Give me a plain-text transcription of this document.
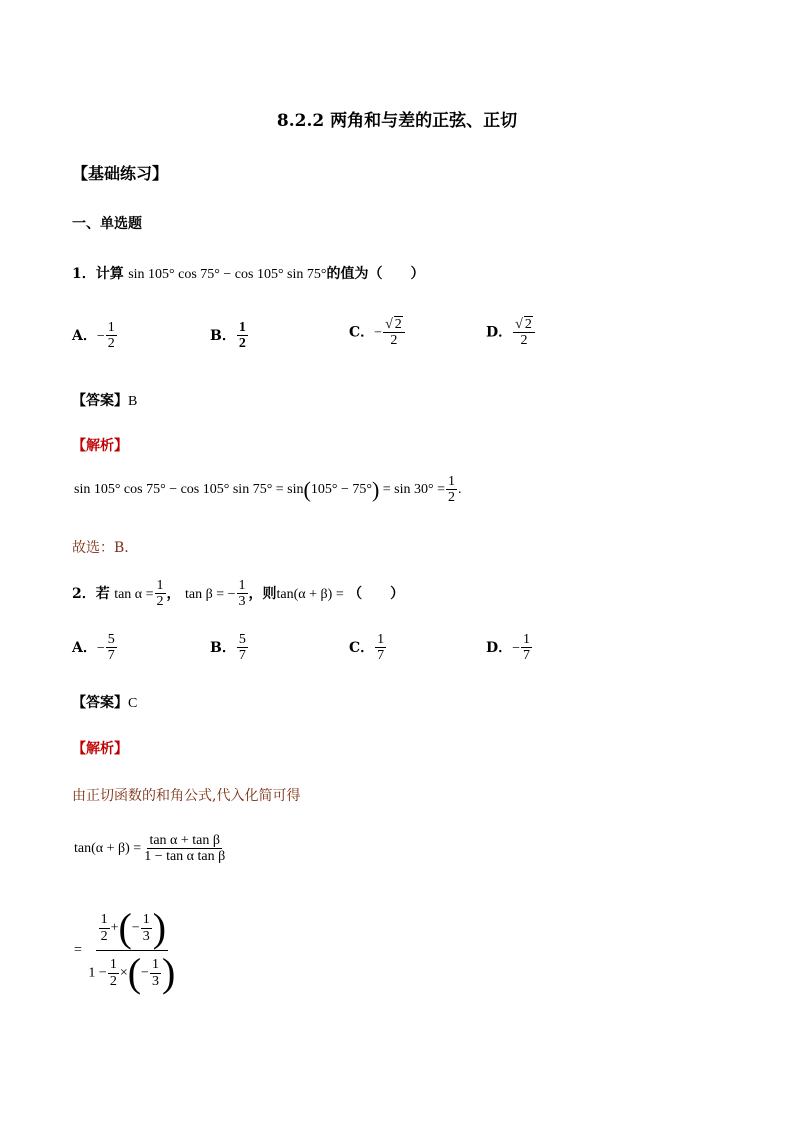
8.2.2 两角和与差的正弦、正切
【基础练习】
一、单选题
1．计算 sin 105° cos 75° − cos 105° sin 75°的值为（　　）
A．− $\frac{1}{2}$	B． $\frac{1}{2}$	C．− $\frac{√ 2}{2}$	D． $\frac{√ 2}{2}$
【答案】B
【解析】
sin 105° cos 75° − cos 105° $\sin 75^\circ = \sin(105^\circ - 75^\circ) = \sin 30^\circ = \frac{1}{2}$ .
故选：B.
2．若 $\tan \alpha = \frac{1}{2}$ ， tan β = − $\frac{1}{3}$ ，则tan(α + β) = （　　）
A．− $\frac{5}{7}$	B． $\frac{5}{7}$	C． $\frac{1}{7}$	D．− $\frac{1}{7}$
【答案】C
【解析】
由正切函数的和角公式,代入化简可得
$\tan(\alpha + \beta) = \frac{\text{tan α + tan β}}{\text{1 − tan α tan β}}$
= $\frac{\frac{1}{2} +(- \frac{1}{3} )}{1 - \frac{1}{2} \times(- \frac{1}{3} )}$
